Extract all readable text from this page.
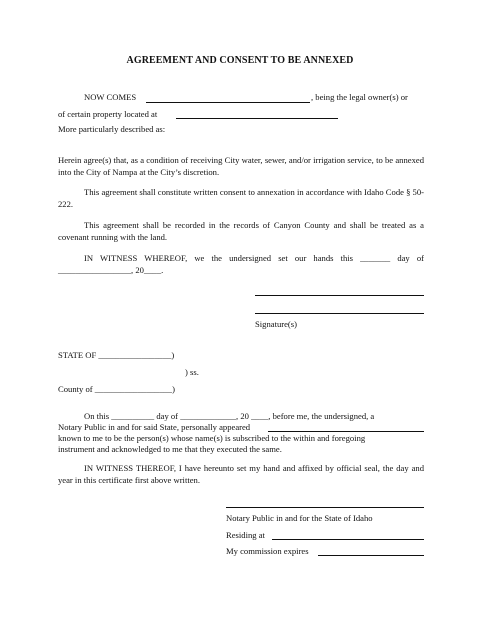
AGREEMENT AND CONSENT TO BE ANNEXED
NOW COMES	, being the legal owner(s) or
of certain property located at
More particularly described as:
Herein agree(s) that, as a condition of receiving City water, sewer, and/or irrigation service, to be annexed into the City of Nampa at the City’s discretion.
This agreement shall constitute written consent to annexation in accordance with Idaho Code § 50-222.
This agreement shall be recorded in the records of Canyon County and shall be treated as a covenant running with the land.
IN WITNESS WHEREOF, we the undersigned set our hands this _______ day of _________________, 20____.
Signature(s)
STATE OF _________________)
) ss.
County of __________________)
On this __________ day of _____________, 20 ____, before me, the undersigned, a
Notary Public in and for said State, personally appeared
known to me to be the person(s) whose name(s) is subscribed to the within and foregoing
instrument and acknowledged to me that they executed the same.
IN WITNESS THEREOF, I have hereunto set my hand and affixed by official seal, the day and year in this certificate first above written.
Notary Public in and for the State of Idaho
Residing at
My commission expires
